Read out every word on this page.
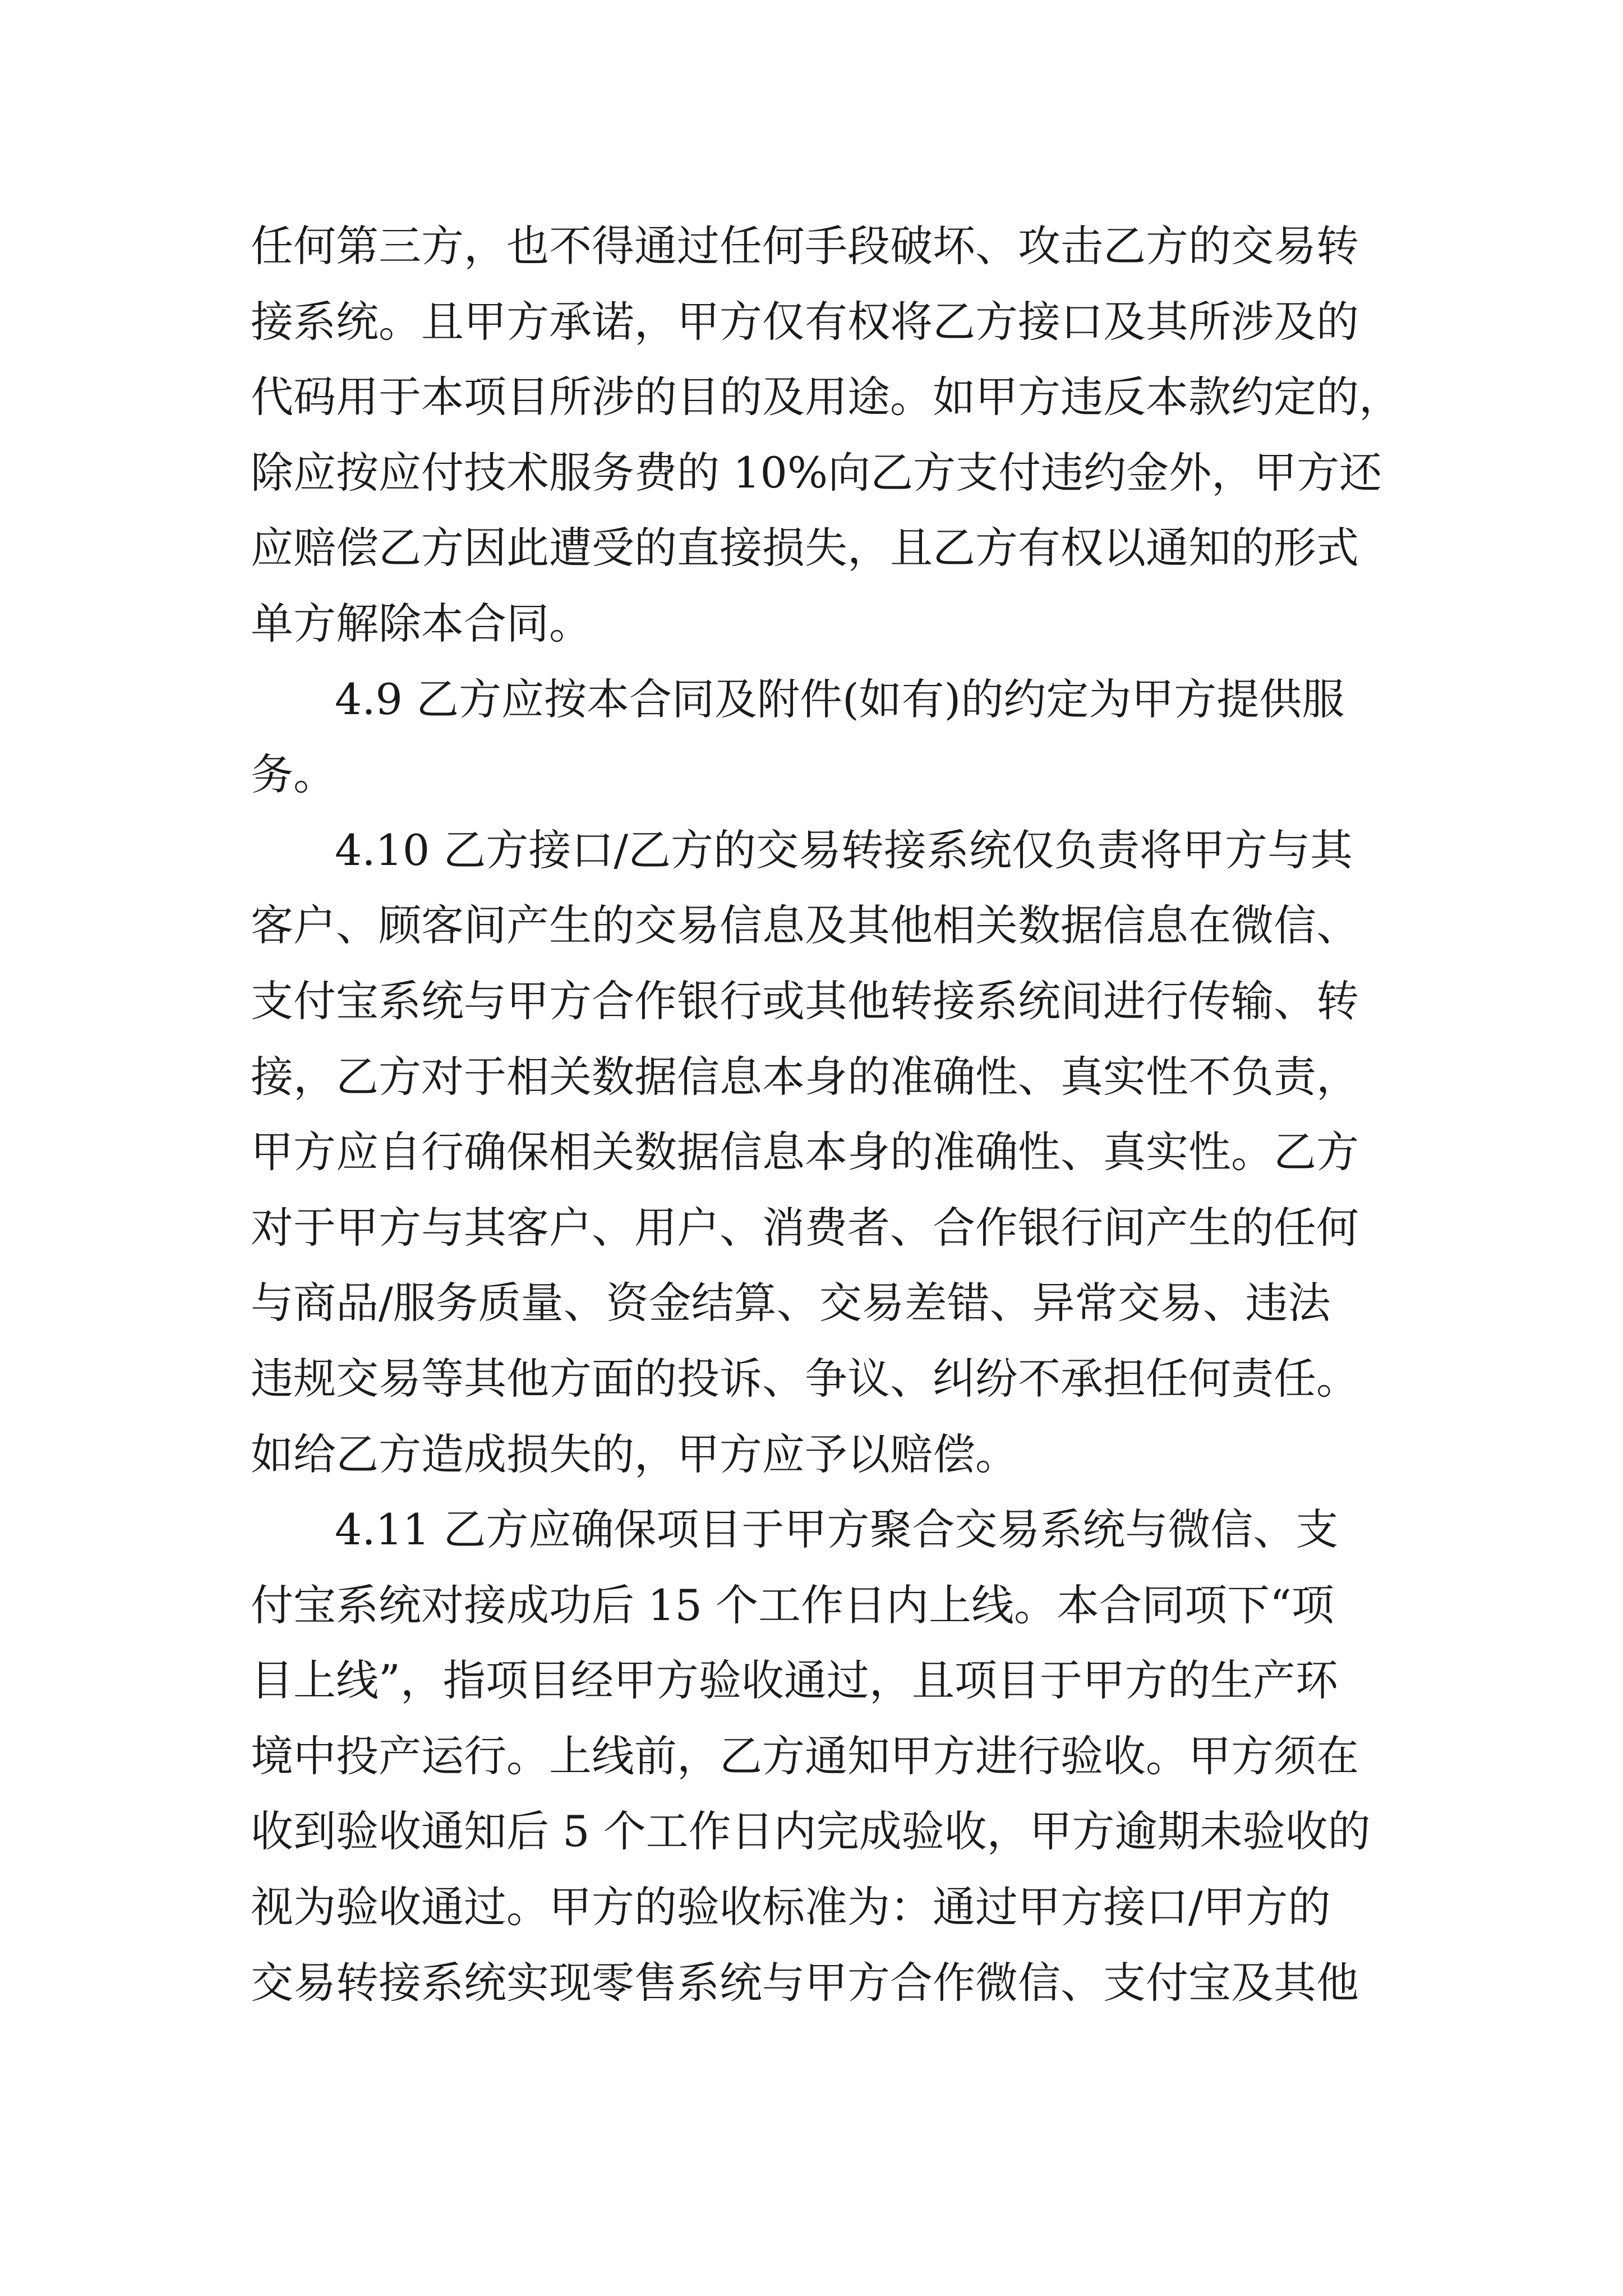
任何第三方，也不得通过任何手段破坏、攻击乙方的交易转
接系统。且甲方承诺，甲方仅有权将乙方接口及其所涉及的
代码用于本项目所涉的目的及用途。如甲方违反本款约定的，
除应按应付技术服务费的 10%向乙方支付违约金外，甲方还
应赔偿乙方因此遭受的直接损失，且乙方有权以通知的形式
单方解除本合同。
4.9 乙方应按本合同及附件(如有)的约定为甲方提供服
务。
4.10 乙方接口/乙方的交易转接系统仅负责将甲方与其
客户、顾客间产生的交易信息及其他相关数据信息在微信、
支付宝系统与甲方合作银行或其他转接系统间进行传输、转
接，乙方对于相关数据信息本身的准确性、真实性不负责，
甲方应自行确保相关数据信息本身的准确性、真实性。乙方
对于甲方与其客户、用户、消费者、合作银行间产生的任何
与商品/服务质量、资金结算、交易差错、异常交易、违法
违规交易等其他方面的投诉、争议、纠纷不承担任何责任。
如给乙方造成损失的，甲方应予以赔偿。
4.11 乙方应确保项目于甲方聚合交易系统与微信、支
付宝系统对接成功后 15 个工作日内上线。本合同项下“项
目上线”，指项目经甲方验收通过，且项目于甲方的生产环
境中投产运行。上线前，乙方通知甲方进行验收。甲方须在
收到验收通知后 5 个工作日内完成验收，甲方逾期未验收的
视为验收通过。甲方的验收标准为：通过甲方接口/甲方的
交易转接系统实现零售系统与甲方合作微信、支付宝及其他
